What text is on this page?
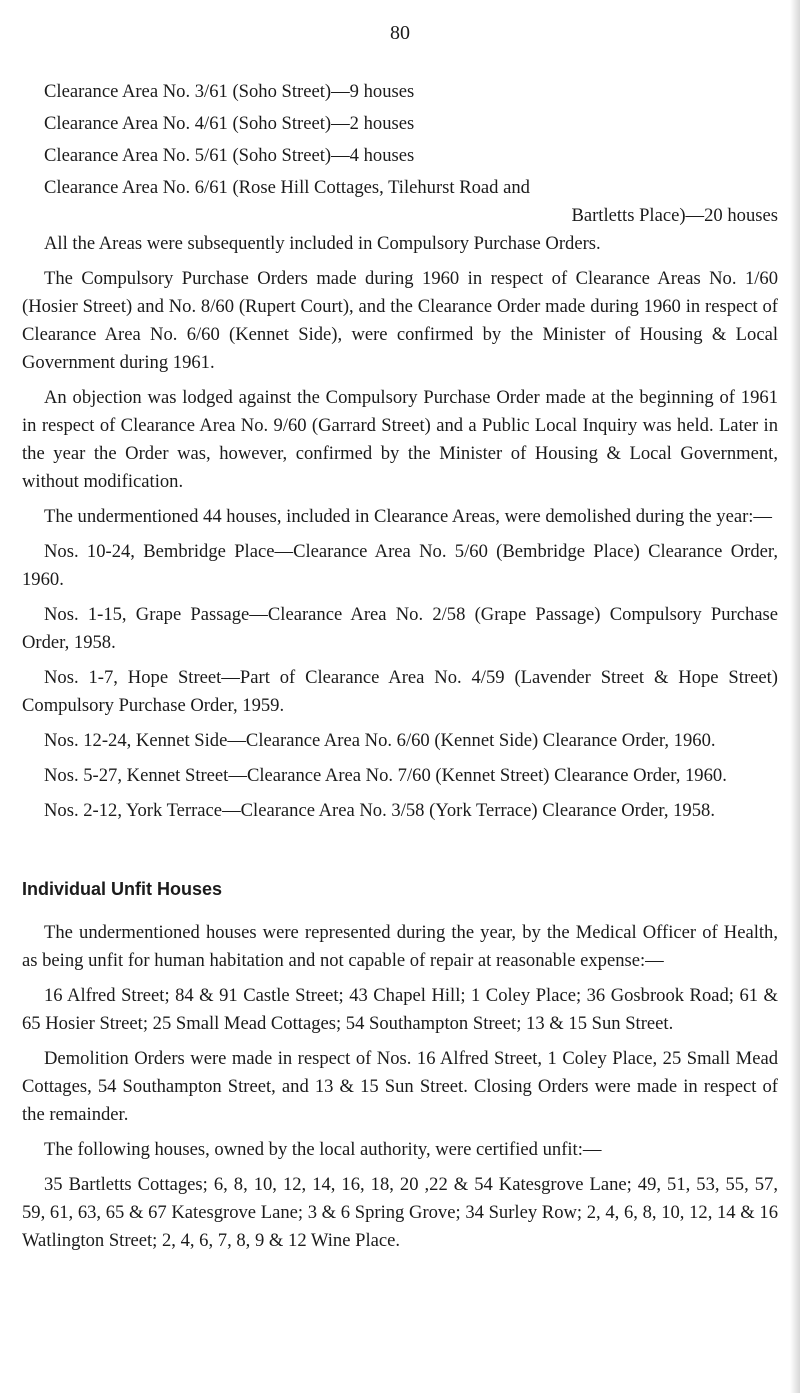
80
Clearance Area No. 3/61 (Soho Street)—9 houses
Clearance Area No. 4/61 (Soho Street)—2 houses
Clearance Area No. 5/61 (Soho Street)—4 houses
Clearance Area No. 6/61 (Rose Hill Cottages, Tilehurst Road and
Bartletts Place)—20 houses

All the Areas were subsequently included in Compulsory Purchase Orders.

The Compulsory Purchase Orders made during 1960 in respect of Clearance Areas No. 1/60 (Hosier Street) and No. 8/60 (Rupert Court), and the Clearance Order made during 1960 in respect of Clearance Area No. 6/60 (Kennet Side), were confirmed by the Minister of Housing & Local Government during 1961.

An objection was lodged against the Compulsory Purchase Order made at the beginning of 1961 in respect of Clearance Area No. 9/60 (Garrard Street) and a Public Local Inquiry was held. Later in the year the Order was, however, confirmed by the Minister of Housing & Local Government, without modification.

The undermentioned 44 houses, included in Clearance Areas, were demolished during the year:—

Nos. 10-24, Bembridge Place—Clearance Area No. 5/60 (Bembridge Place) Clearance Order, 1960.

Nos. 1-15, Grape Passage—Clearance Area No. 2/58 (Grape Passage) Compulsory Purchase Order, 1958.

Nos. 1-7, Hope Street—Part of Clearance Area No. 4/59 (Lavender Street & Hope Street) Compulsory Purchase Order, 1959.

Nos. 12-24, Kennet Side—Clearance Area No. 6/60 (Kennet Side) Clearance Order, 1960.

Nos. 5-27, Kennet Street—Clearance Area No. 7/60 (Kennet Street) Clearance Order, 1960.

Nos. 2-12, York Terrace—Clearance Area No. 3/58 (York Terrace) Clearance Order, 1958.

Individual Unfit Houses

The undermentioned houses were represented during the year, by the Medical Officer of Health, as being unfit for human habitation and not capable of repair at reasonable expense:—

16 Alfred Street; 84 & 91 Castle Street; 43 Chapel Hill; 1 Coley Place; 36 Gosbrook Road; 61 & 65 Hosier Street; 25 Small Mead Cottages; 54 Southampton Street; 13 & 15 Sun Street.

Demolition Orders were made in respect of Nos. 16 Alfred Street, 1 Coley Place, 25 Small Mead Cottages, 54 Southampton Street, and 13 & 15 Sun Street. Closing Orders were made in respect of the remainder.

The following houses, owned by the local authority, were certified unfit:—

35 Bartletts Cottages; 6, 8, 10, 12, 14, 16, 18, 20 ,22 & 54 Katesgrove Lane; 49, 51, 53, 55, 57, 59, 61, 63, 65 & 67 Katesgrove Lane; 3 & 6 Spring Grove; 34 Surley Row; 2, 4, 6, 8, 10, 12, 14 & 16 Watlington Street; 2, 4, 6, 7, 8, 9 & 12 Wine Place.
